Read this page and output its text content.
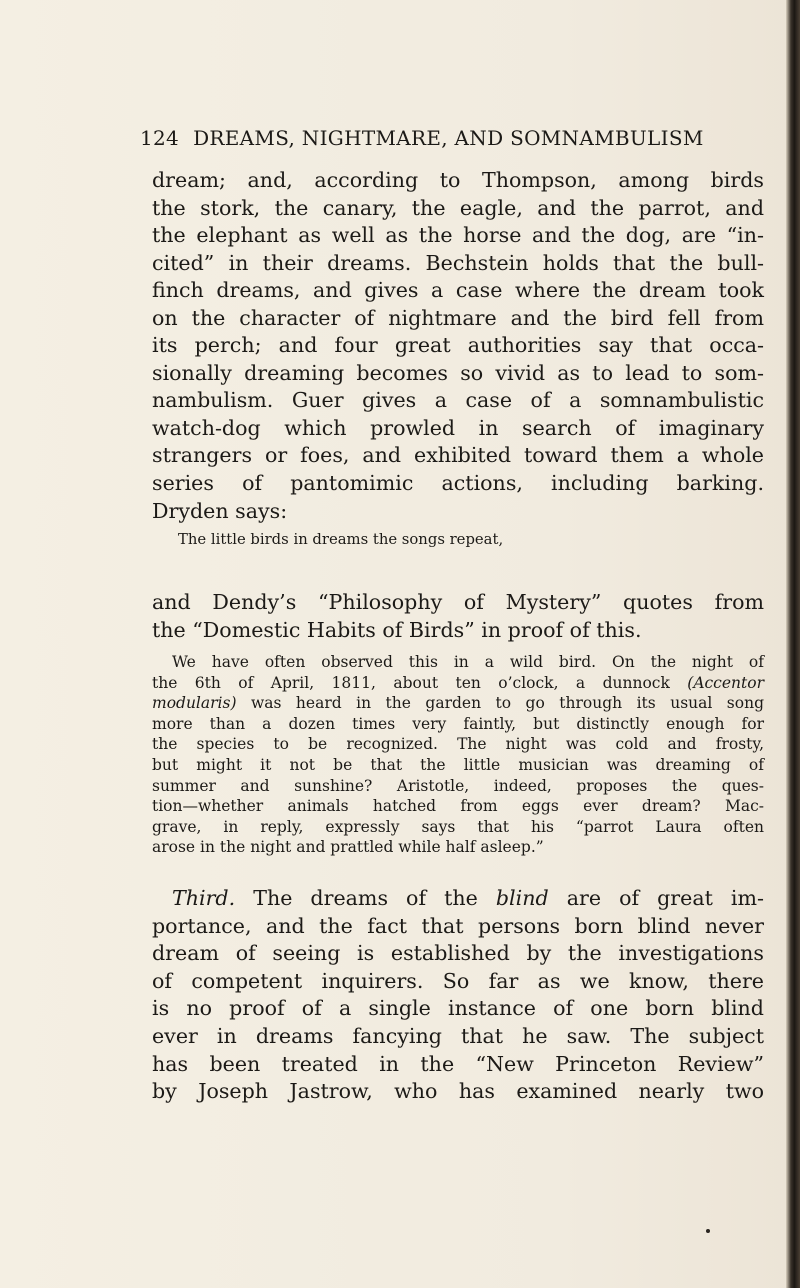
124 DREAMS, NIGHTMARE, AND SOMNAMBULISM
dream; and, according to Thompson, among birds
the stork, the canary, the eagle, and the parrot, and
the elephant as well as the horse and the dog, are “in-
cited” in their dreams. Bechstein holds that the bull-
finch dreams, and gives a case where the dream took
on the character of nightmare and the bird fell from
its perch; and four great authorities say that occa-
sionally dreaming becomes so vivid as to lead to som-
nambulism. Guer gives a case of a somnambulistic
watch-dog which prowled in search of imaginary
strangers or foes, and exhibited toward them a whole
series of pantomimic actions, including barking.
Dryden says:

The little birds in dreams the songs repeat,

and Dendy’s “Philosophy of Mystery” quotes from
the “Domestic Habits of Birds” in proof of this.
We have often observed this in a wild bird. On the night of
the 6th of April, 1811, about ten o’clock, a dunnock (Accentor
modularis) was heard in the garden to go through its usual song
more than a dozen times very faintly, but distinctly enough for
the species to be recognized. The night was cold and frosty,
but might it not be that the little musician was dreaming of
summer and sunshine? Aristotle, indeed, proposes the ques-
tion—whether animals hatched from eggs ever dream? Mac-
grave, in reply, expressly says that his “parrot Laura often
arose in the night and prattled while half asleep.”
Third. The dreams of the blind are of great im-
portance, and the fact that persons born blind never
dream of seeing is established by the investigations
of competent inquirers. So far as we know, there
is no proof of a single instance of one born blind
ever in dreams fancying that he saw. The subject
has been treated in the “New Princeton Review”
by Joseph Jastrow, who has examined nearly two
